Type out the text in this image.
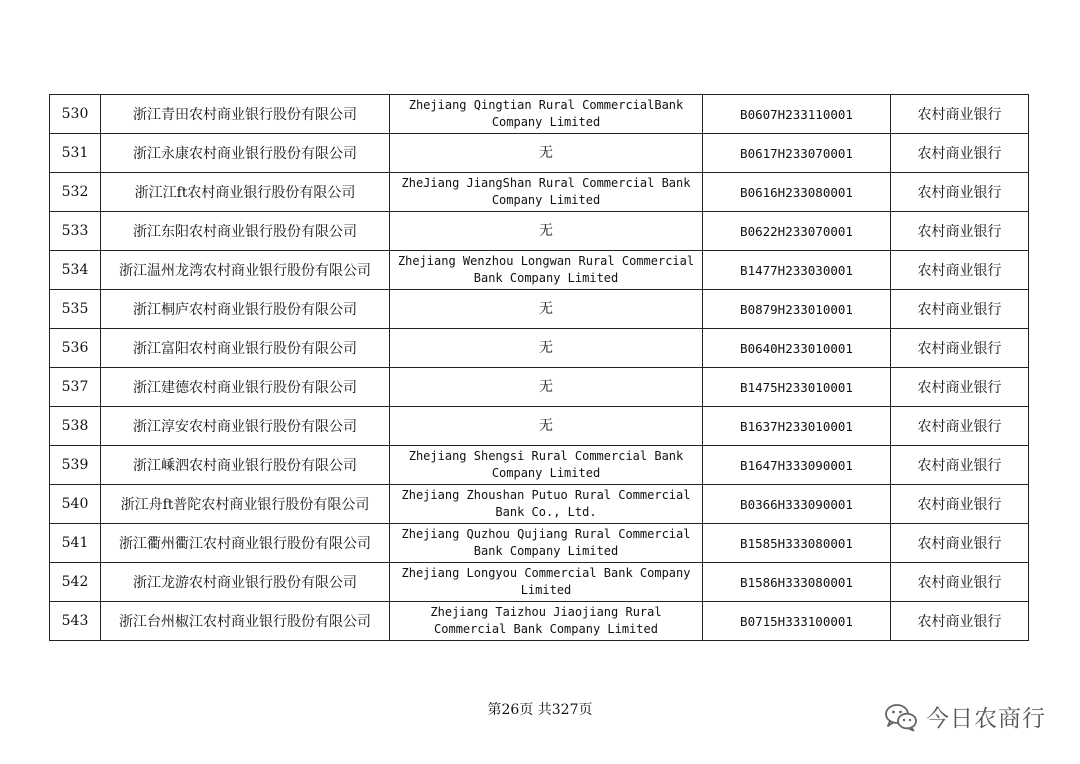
530	浙江青田农村商业银行股份有限公司	Zhejiang Qingtian Rural CommercialBank Company Limited	B0607H233110001	农村商业银行
531	浙江永康农村商业银行股份有限公司	无	B0617H233070001	农村商业银行
532	浙江江ft农村商业银行股份有限公司	ZheJiang JiangShan Rural Commercial Bank Company Limited	B0616H233080001	农村商业银行
533	浙江东阳农村商业银行股份有限公司	无	B0622H233070001	农村商业银行
534	浙江温州龙湾农村商业银行股份有限公司	Zhejiang Wenzhou Longwan Rural Commercial Bank Company Limited	B1477H233030001	农村商业银行
535	浙江桐庐农村商业银行股份有限公司	无	B0879H233010001	农村商业银行
536	浙江富阳农村商业银行股份有限公司	无	B0640H233010001	农村商业银行
537	浙江建德农村商业银行股份有限公司	无	B1475H233010001	农村商业银行
538	浙江淳安农村商业银行股份有限公司	无	B1637H233010001	农村商业银行
539	浙江嵊泗农村商业银行股份有限公司	Zhejiang Shengsi Rural Commercial Bank Company Limited	B1647H333090001	农村商业银行
540	浙江舟ft普陀农村商业银行股份有限公司	Zhejiang Zhoushan Putuo Rural Commercial Bank Co., Ltd.	B0366H333090001	农村商业银行
541	浙江衢州衢江农村商业银行股份有限公司	Zhejiang Quzhou Qujiang Rural Commercial Bank Company Limited	B1585H333080001	农村商业银行
542	浙江龙游农村商业银行股份有限公司	Zhejiang Longyou Commercial Bank Company Limited	B1586H333080001	农村商业银行
543	浙江台州椒江农村商业银行股份有限公司	Zhejiang Taizhou Jiaojiang Rural Commercial Bank Company Limited	B0715H333100001	农村商业银行
第26页 共327页	今日农商行
